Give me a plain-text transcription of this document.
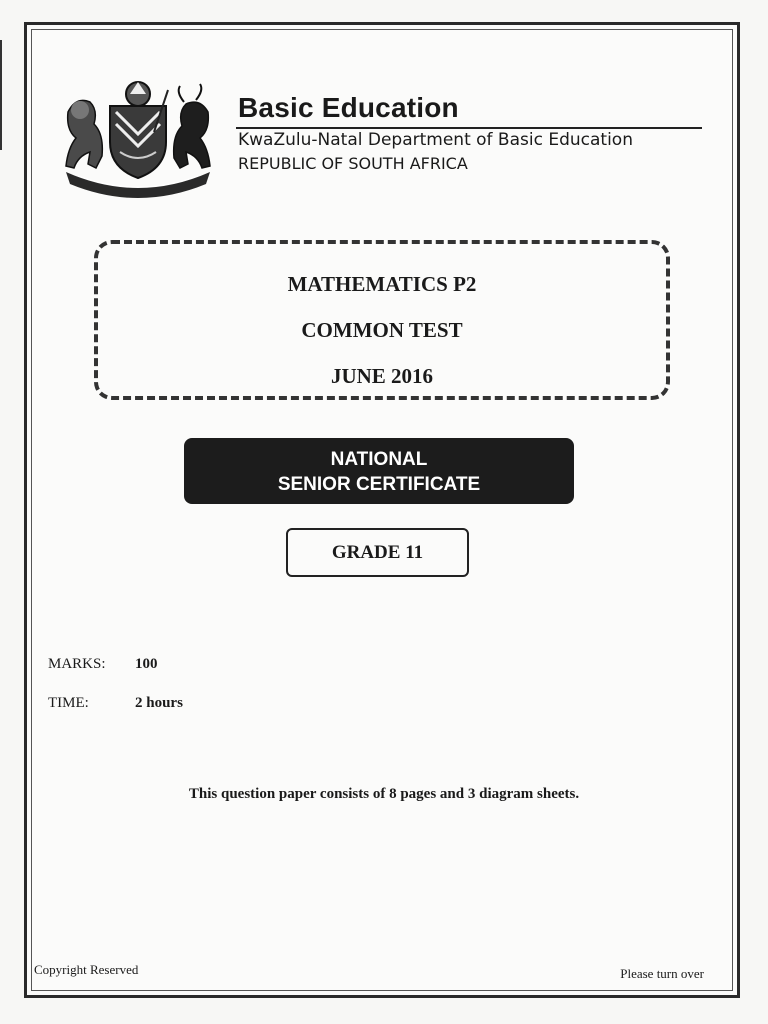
Basic Education
KwaZulu-Natal Department of Basic Education
REPUBLIC OF SOUTH AFRICA
MATHEMATICS P2
COMMON TEST
JUNE 2016
NATIONAL
SENIOR CERTIFICATE
GRADE 11
MARKS: 100
TIME:	2 hours
This question paper consists of 8 pages and 3 diagram sheets.
Copyright Reserved	Please turn over
